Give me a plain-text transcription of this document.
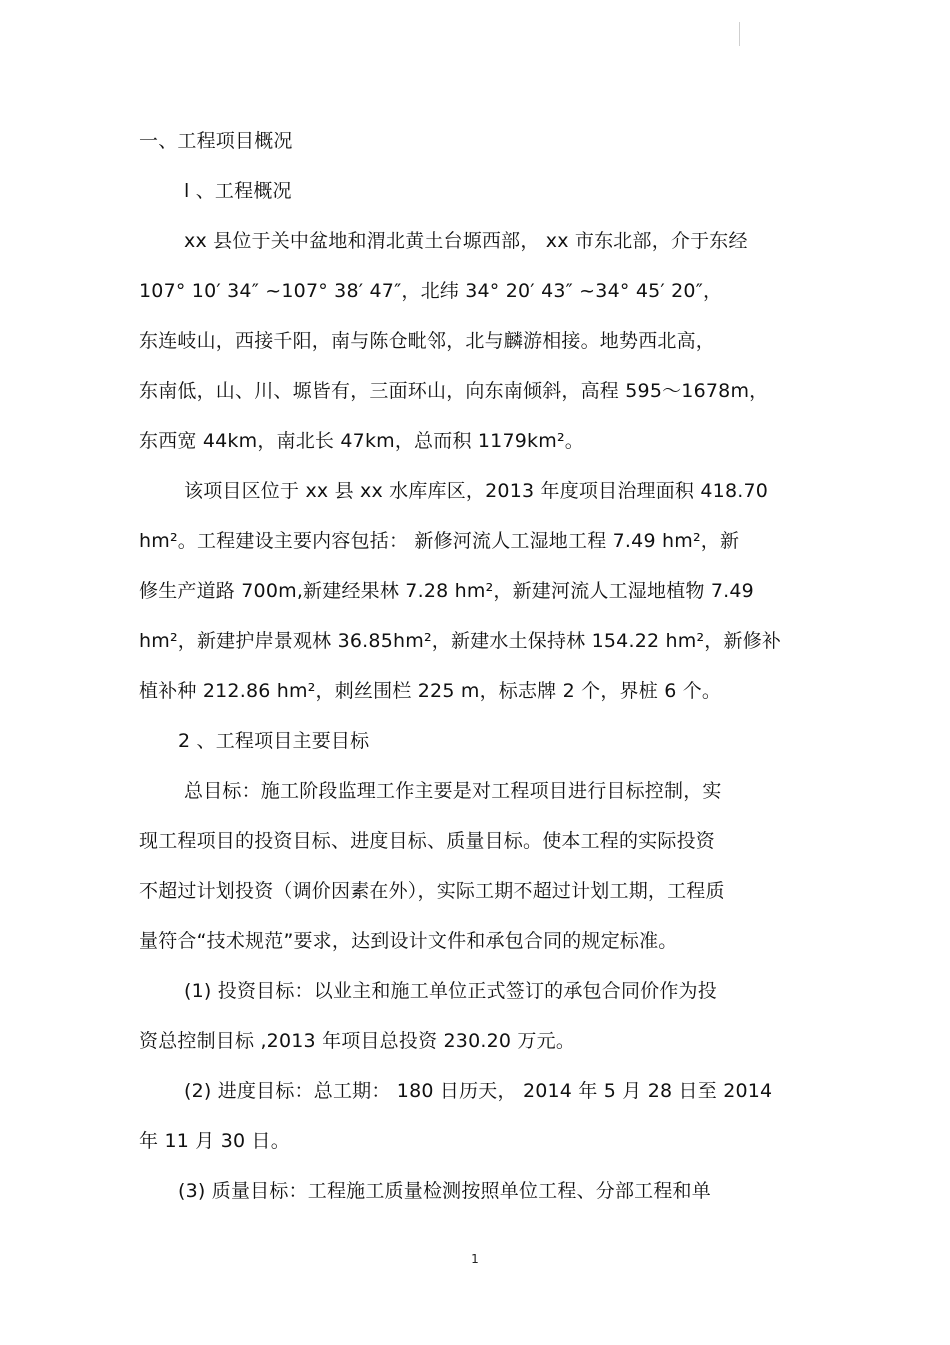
一、工程项目概况

l 、工程概况

xx 县位于关中盆地和渭北黄土台塬西部， xx 市东北部，介于东经

107° 10′ 34″ ~107° 38′ 47″，北纬 34° 20′ 43″ ~34° 45′ 20″，

东连岐山，西接千阳，南与陈仓毗邻，北与麟游相接。地势西北高，

东南低，山、川、塬皆有，三面环山，向东南倾斜，高程 595～1678m，

东西宽 44km，南北长 47km，总而积 1179km²。

该项目区位于 xx 县 xx 水库库区，2013 年度项目治理面积 418.70

hm²。工程建设主要内容包括： 新修河流人工湿地工程 7.49 hm²，新

修生产道路 700m,新建经果林 7.28 hm²，新建河流人工湿地植物 7.49

hm²，新建护岸景观林 36.85hm²，新建水土保持林 154.22 hm²，新修补

植补种 212.86 hm²，刺丝围栏 225 m，标志牌 2 个，界桩 6 个。

2 、工程项目主要目标

总目标：施工阶段监理工作主要是对工程项目进行目标控制，实

现工程项目的投资目标、进度目标、质量目标。使本工程的实际投资

不超过计划投资（调价因素在外），实际工期不超过计划工期，工程质

量符合“技术规范”要求，达到设计文件和承包合同的规定标准。

(1) 投资目标：以业主和施工单位正式签订的承包合同价作为投

资总控制目标 ,2013 年项目总投资 230.20 万元。

(2) 进度目标：总工期： 180 日历天， 2014 年 5 月 28 日至 2014

年 11 月 30 日。

(3) 质量目标：工程施工质量检测按照单位工程、分部工程和单

1
